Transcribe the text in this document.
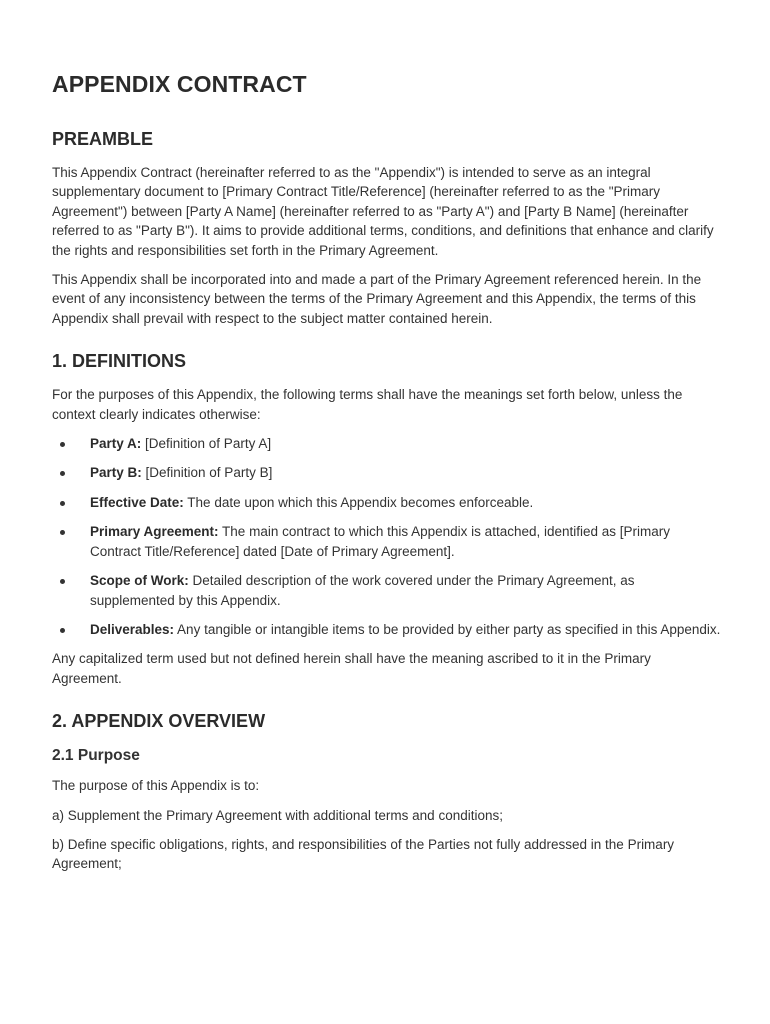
APPENDIX CONTRACT
PREAMBLE

This Appendix Contract (hereinafter referred to as the "Appendix") is intended to serve as an integral supplementary document to [Primary Contract Title/Reference] (hereinafter referred to as the "Primary Agreement") between [Party A Name] (hereinafter referred to as "Party A") and [Party B Name] (hereinafter referred to as "Party B"). It aims to provide additional terms, conditions, and definitions that enhance and clarify the rights and responsibilities set forth in the Primary Agreement.

This Appendix shall be incorporated into and made a part of the Primary Agreement referenced herein. In the event of any inconsistency between the terms of the Primary Agreement and this Appendix, the terms of this Appendix shall prevail with respect to the subject matter contained herein.

1. DEFINITIONS

For the purposes of this Appendix, the following terms shall have the meanings set forth below, unless the context clearly indicates otherwise:

Party A: [Definition of Party A]
Party B: [Definition of Party B]
Effective Date: The date upon which this Appendix becomes enforceable.
Primary Agreement: The main contract to which this Appendix is attached, identified as [Primary Contract Title/Reference] dated [Date of Primary Agreement].
Scope of Work: Detailed description of the work covered under the Primary Agreement, as supplemented by this Appendix.
Deliverables: Any tangible or intangible items to be provided by either party as specified in this Appendix.

Any capitalized term used but not defined herein shall have the meaning ascribed to it in the Primary Agreement.

2. APPENDIX OVERVIEW
2.1 Purpose

The purpose of this Appendix is to:

a) Supplement the Primary Agreement with additional terms and conditions;

b) Define specific obligations, rights, and responsibilities of the Parties not fully addressed in the Primary Agreement;
